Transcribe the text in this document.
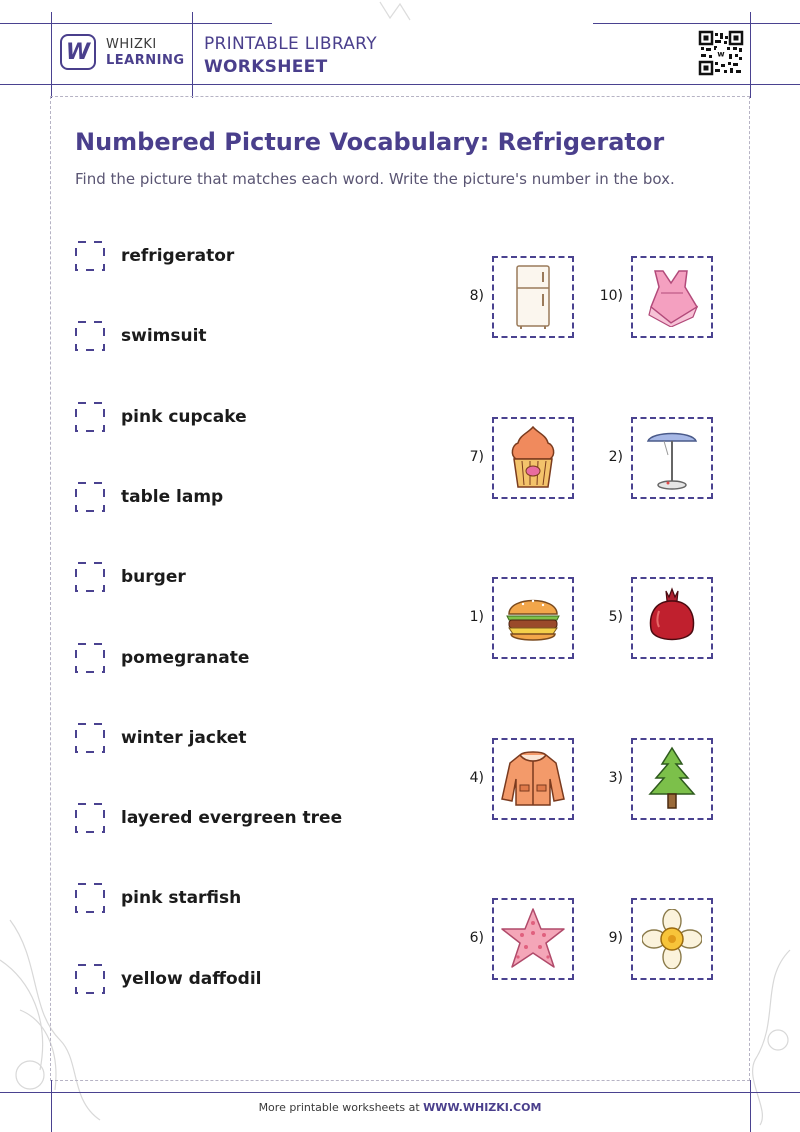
W WHIZKI
LEARNING
PRINTABLE LIBRARY
WORKSHEET
w
Numbered Picture Vocabulary: Refrigerator
Find the picture that matches each word. Write the picture's number in the box.
refrigerator
swimsuit
pink cupcake
table lamp
burger
pomegranate
winter jacket
layered evergreen tree
pink starfish
yellow daffodil
8)	10)
7)	2)
1)	5)
4)	3)
6)	9)
More printable worksheets at WWW.WHIZKI.COM
